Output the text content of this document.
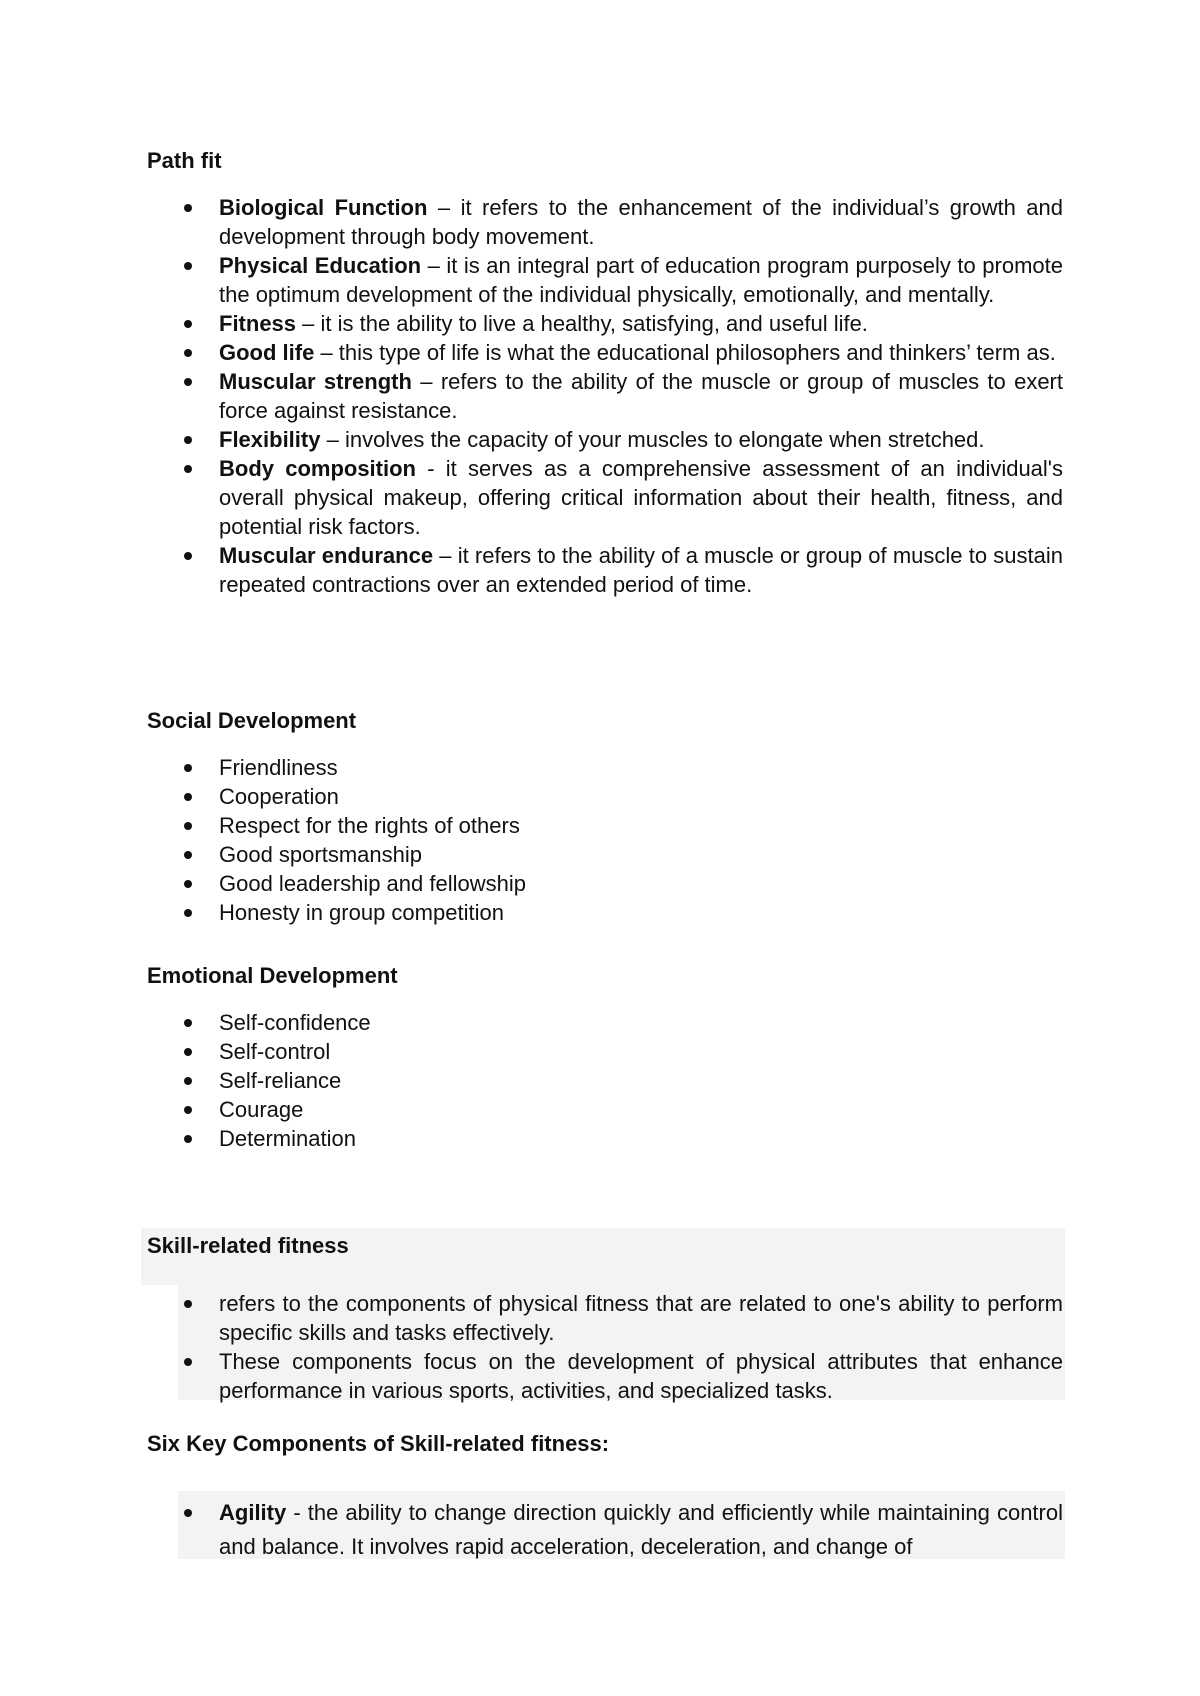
Path fit
Biological Function – it refers to the enhancement of the individual’s growth and development through body movement.
Physical Education – it is an integral part of education program purposely to promote the optimum development of the individual physically, emotionally, and mentally.
Fitness – it is the ability to live a healthy, satisfying, and useful life.
Good life – this type of life is what the educational philosophers and thinkers’ term as.
Muscular strength – refers to the ability of the muscle or group of muscles to exert force against resistance.
Flexibility – involves the capacity of your muscles to elongate when stretched.
Body composition - it serves as a comprehensive assessment of an individual's overall physical makeup, offering critical information about their health, fitness, and potential risk factors.
Muscular endurance – it refers to the ability of a muscle or group of muscle to sustain repeated contractions over an extended period of time.
Social Development
Friendliness
Cooperation
Respect for the rights of others
Good sportsmanship
Good leadership and fellowship
Honesty in group competition
Emotional Development
Self-confidence
Self-control
Self-reliance
Courage
Determination
Skill-related fitness
refers to the components of physical fitness that are related to one's ability to perform specific skills and tasks effectively.
These components focus on the development of physical attributes that enhance performance in various sports, activities, and specialized tasks.
Six Key Components of Skill-related fitness:
Agility - the ability to change direction quickly and efficiently while maintaining control and balance. It involves rapid acceleration, deceleration, and change of
